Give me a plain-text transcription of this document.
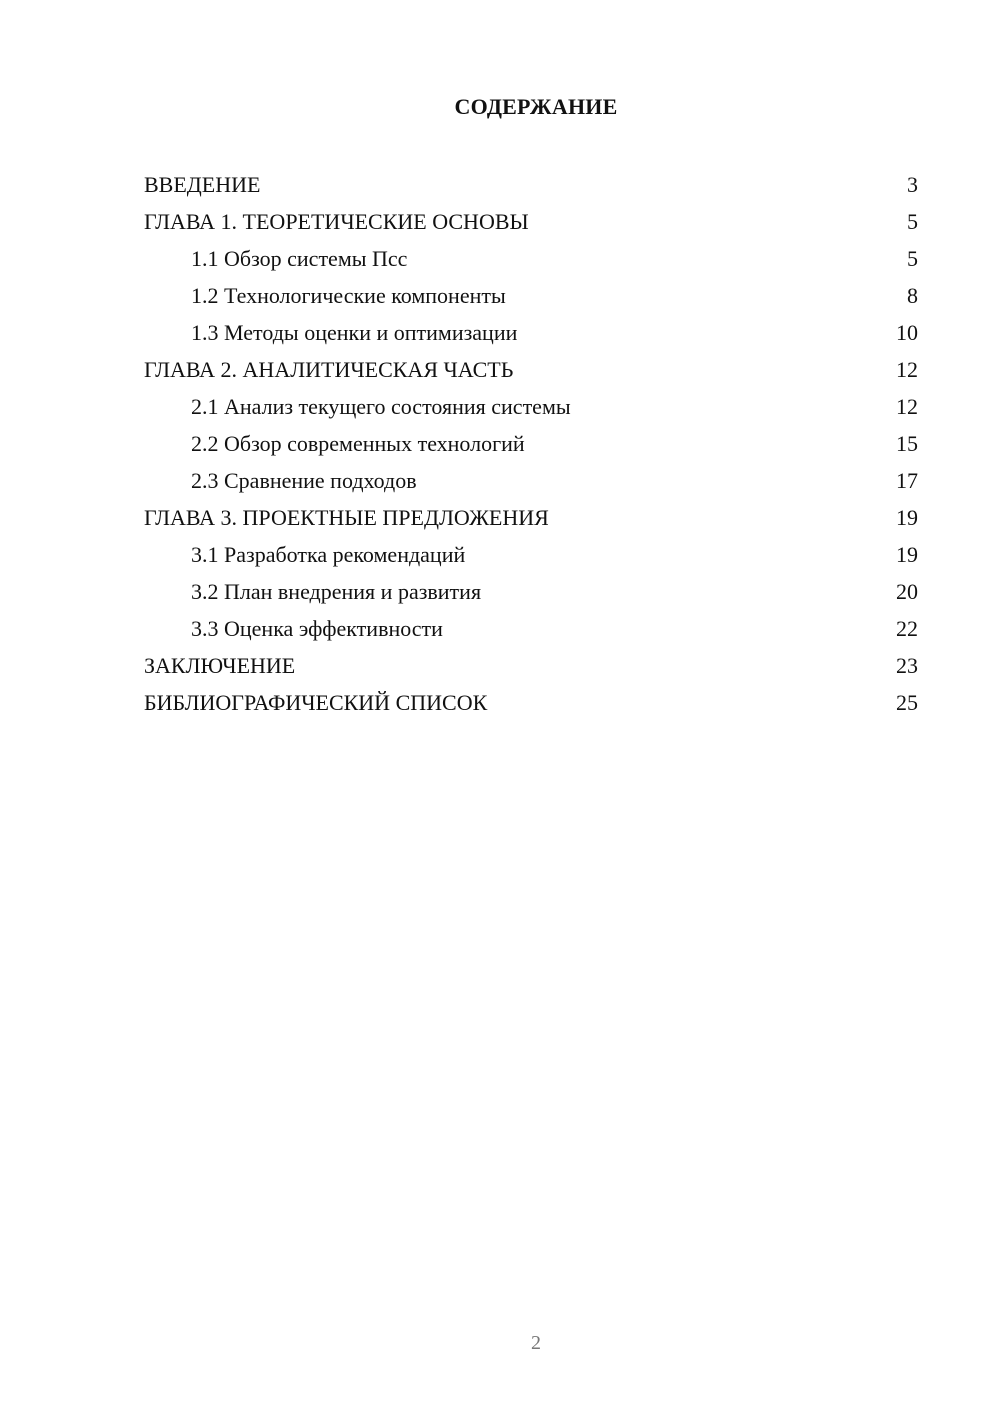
СОДЕРЖАНИЕ
ВВЕДЕНИЕ	3
ГЛАВА 1. ТЕОРЕТИЧЕСКИЕ ОСНОВЫ	5
1.1 Обзор системы Псс	5
1.2 Технологические компоненты	8
1.3 Методы оценки и оптимизации	10
ГЛАВА 2. АНАЛИТИЧЕСКАЯ ЧАСТЬ	12
2.1 Анализ текущего состояния системы	12
2.2 Обзор современных технологий	15
2.3 Сравнение подходов	17
ГЛАВА 3. ПРОЕКТНЫЕ ПРЕДЛОЖЕНИЯ	19
3.1 Разработка рекомендаций	19
3.2 План внедрения и развития	20
3.3 Оценка эффективности	22
ЗАКЛЮЧЕНИЕ	23
БИБЛИОГРАФИЧЕСКИЙ СПИСОК	25
2
